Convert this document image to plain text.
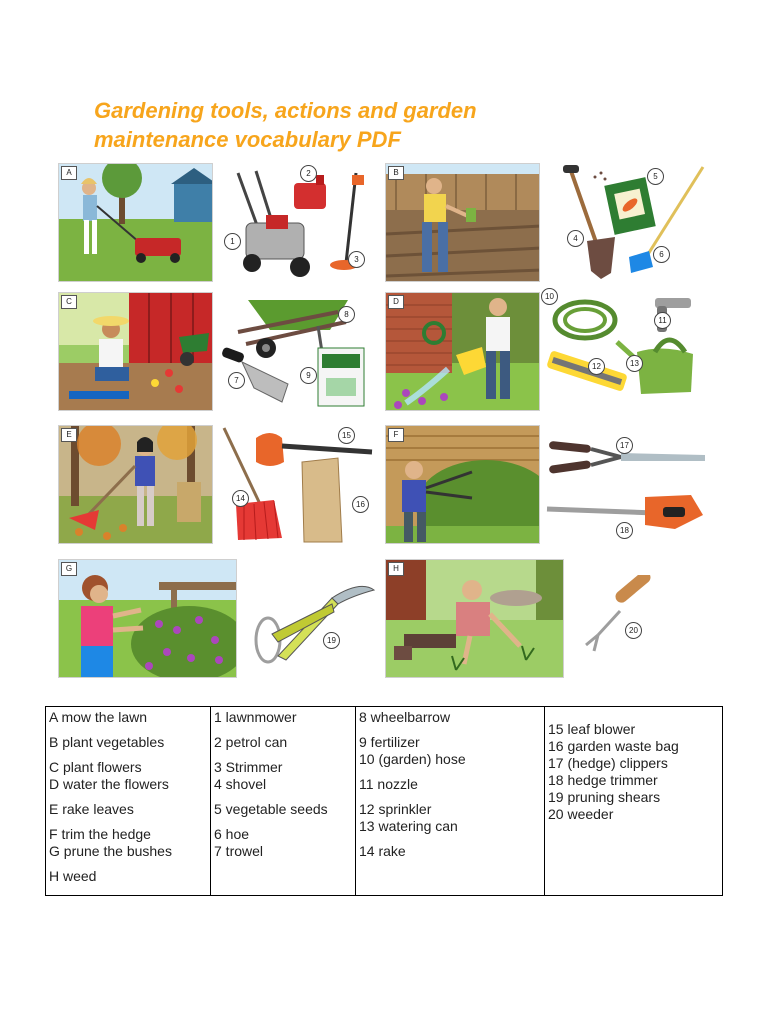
Gardening tools, actions and garden
maintenance vocabulary PDF
A
1
2
3
B
4
5
6
C
7
8
9
D
10
11
12	13
E
14
15
16
F
17
18
G
19
H
20
A mow the lawn
B plant vegetables
C plant flowers
D water the flowers
E rake leaves
F trim the hedge
G prune the bushes
H weed

1 lawnmower
2 petrol can
3 Strimmer
4 shovel
5 vegetable seeds
6 hoe
7 trowel

8 wheelbarrow
9 fertilizer
10 (garden) hose
11 nozzle
12 sprinkler
13 watering can
14 rake

15 leaf blower
16 garden waste bag
17 (hedge) clippers
18 hedge trimmer
19 pruning shears
20 weeder
